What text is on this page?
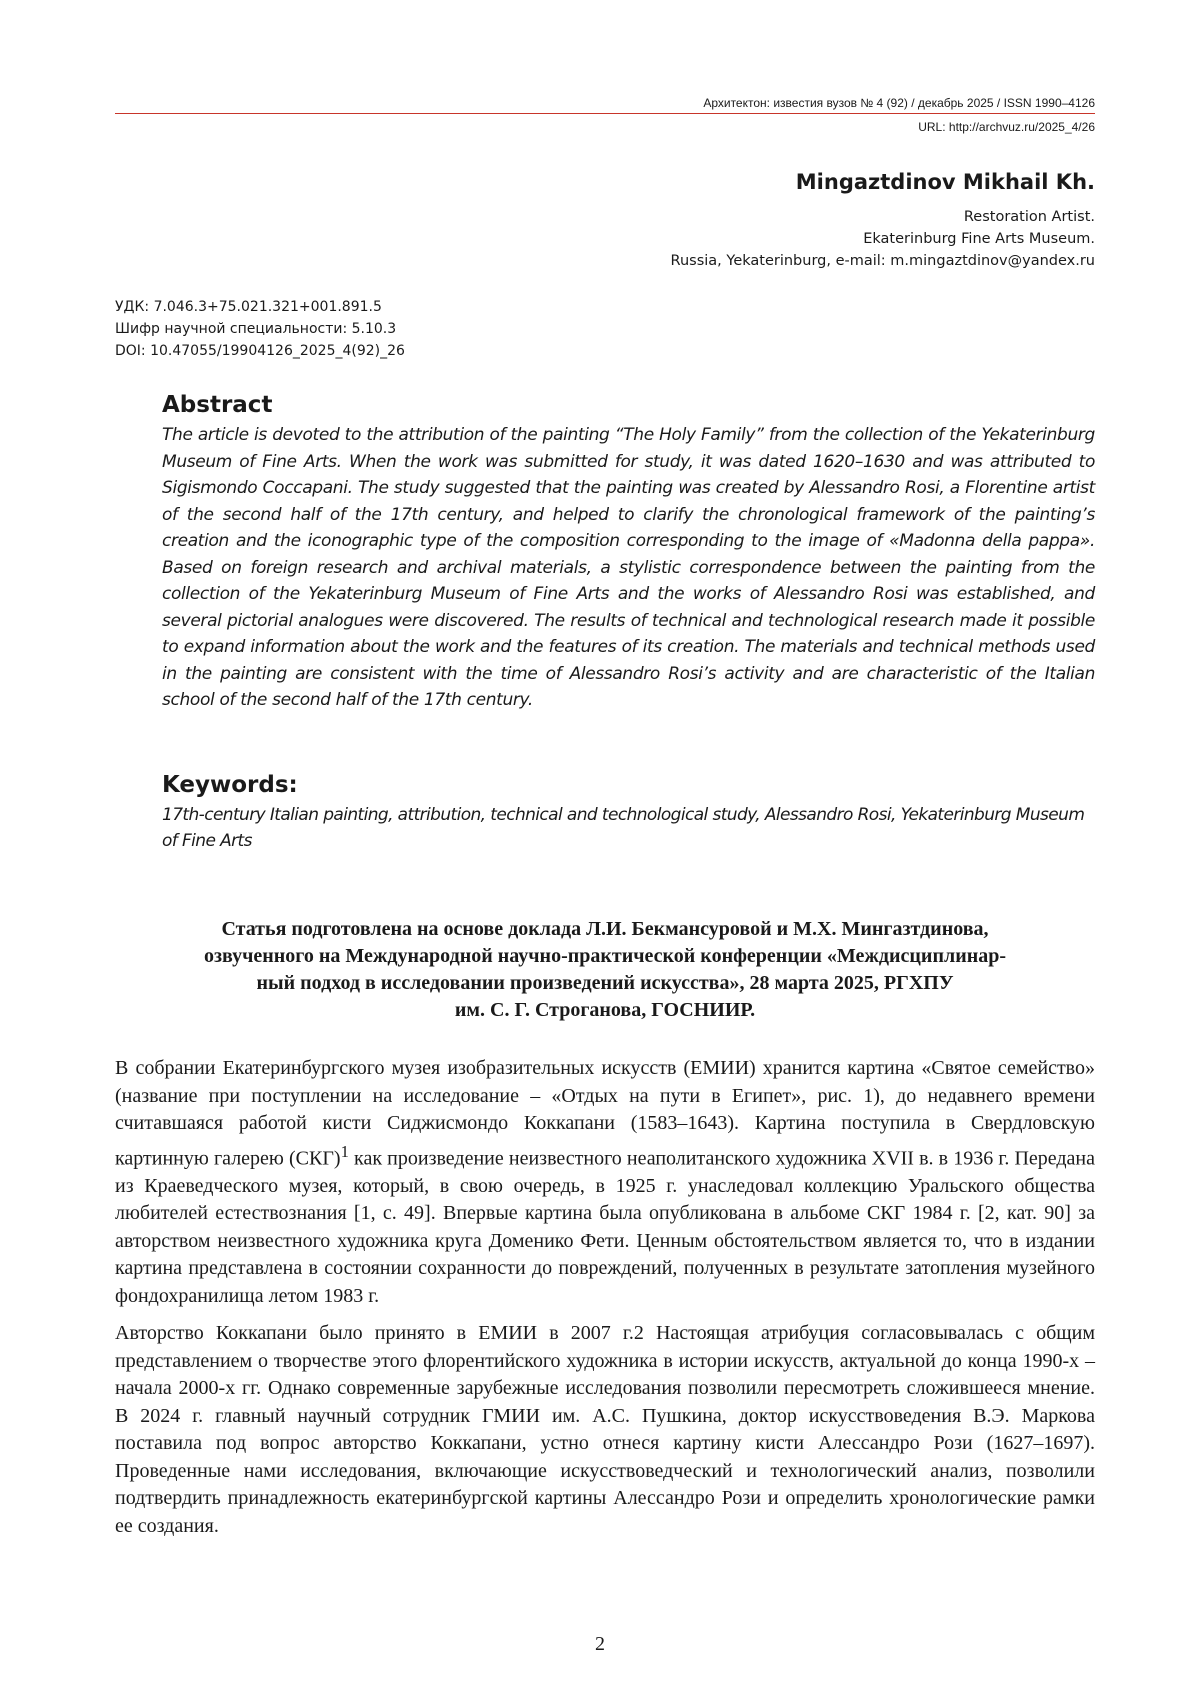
Архитектон: известия вузов № 4 (92) / декабрь 2025 / ISSN 1990–4126
URL: http://archvuz.ru/2025_4/26
Mingaztdinov Mikhail Kh.
Restoration Artist.
Ekaterinburg Fine Arts Museum.
Russia, Yekaterinburg, e-mail: m.mingaztdinov@yandex.ru
УДК: 7.046.3+75.021.321+001.891.5
Шифр научной специальности: 5.10.3
DOI: 10.47055/19904126_2025_4(92)_26
Abstract

The article is devoted to the attribution of the painting “The Holy Family” from the collection of the Yekaterinburg Museum of Fine Arts. When the work was submitted for study, it was dated 1620–1630 and was attributed to Sigismondo Coccapani. The study suggested that the painting was created by Alessandro Rosi, a Florentine artist of the second half of the 17th century, and helped to clarify the chronological framework of the painting’s creation and the iconographic type of the composition corresponding to the image of «Madonna della pappa». Based on foreign research and archival materials, a stylistic correspondence between the painting from the collection of the Yekaterinburg Museum of Fine Arts and the works of Alessandro Rosi was established, and several pictorial analogues were discovered. The results of technical and technological research made it possible to expand information about the work and the features of its creation. The materials and technical methods used in the painting are consistent with the time of Alessandro Rosi’s activity and are characteristic of the Italian school of the second half of the 17th century.

Keywords:

17th-century Italian painting, attribution, technical and technological study, Alessandro Rosi, Yekaterinburg Museum of Fine Arts

Статья подготовлена на основе доклада Л.И. Бекмансуровой и М.Х. Мингазтдинова,
озвученного на Международной научно-практической конференции «Междисциплинар-
ный подход в исследовании произведений искусства», 28 марта 2025, РГХПУ
им. С. Г. Строганова, ГОСНИИР.

В собрании Екатеринбургского музея изобразительных искусств (ЕМИИ) хранится картина «Святое семейство» (название при поступлении на исследование – «Отдых на пути в Египет», рис. 1), до недавнего времени считавшаяся работой кисти Сиджисмондо Коккапани (1583–1643). Картина поступила в Свердловскую картинную галерею (СКГ)$^1$ как произведение неизвестного неаполитанского художника XVII в. в 1936 г. Передана из Краеведческого музея, который, в свою очередь, в 1925 г. унаследовал коллекцию Уральского общества любителей естествознания [1, с. 49]. Впервые картина была опубликована в альбоме СКГ 1984 г. [2, кат. 90] за авторством неизвестного художника круга Доменико Фети. Ценным обстоятельством является то, что в издании картина представлена в состоянии сохранности до повреждений, полученных в результате затопления музейного фондохранилища летом 1983 г.

Авторство Коккапани было принято в ЕМИИ в 2007 г.2 Настоящая атрибуция согласовывалась с общим представлением о творчестве этого флорентийского художника в истории искусств, актуальной до конца 1990-х – начала 2000-х гг. Однако современные зарубежные исследования позволили пересмотреть сложившееся мнение. В 2024 г. главный научный сотрудник ГМИИ им. А.С. Пушкина, доктор искусствоведения В.Э. Маркова поставила под вопрос авторство Коккапани, устно отнеся картину кисти Алессандро Рози (1627–1697). Проведенные нами исследования, включающие искусствоведческий и технологический анализ, позволили подтвердить принадлежность екатеринбургской картины Алессандро Рози и определить хронологические рамки ее создания.

2
